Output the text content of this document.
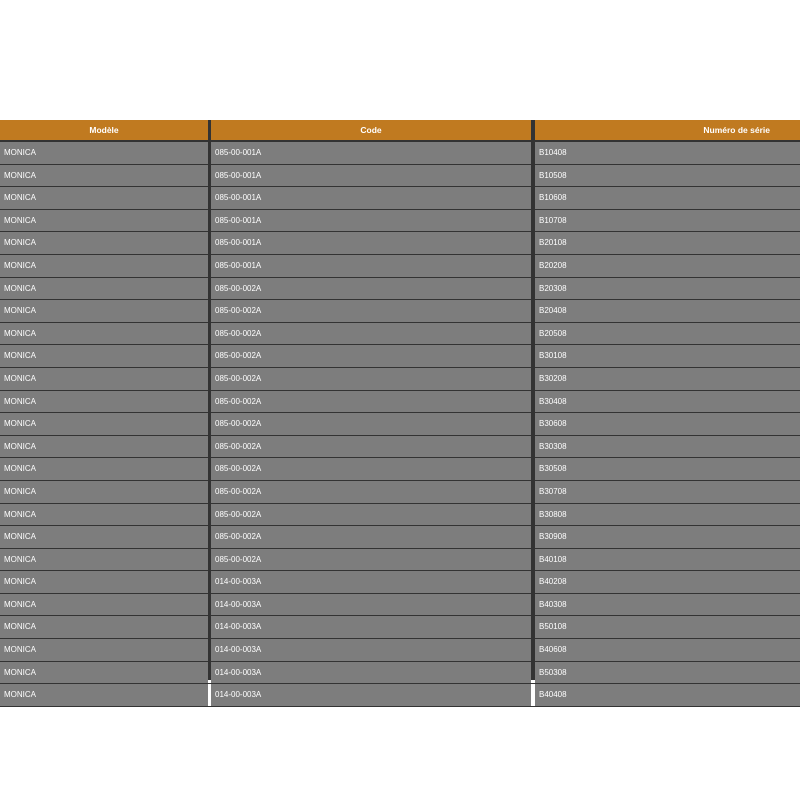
Modèle	Code	Numéro de série
MONICA	085-00-001A	B10408
MONICA	085-00-001A	B10508
MONICA	085-00-001A	B10608
MONICA	085-00-001A	B10708
MONICA	085-00-001A	B20108
MONICA	085-00-001A	B20208
MONICA	085-00-002A	B20308
MONICA	085-00-002A	B20408
MONICA	085-00-002A	B20508
MONICA	085-00-002A	B30108
MONICA	085-00-002A	B30208
MONICA	085-00-002A	B30408
MONICA	085-00-002A	B30608
MONICA	085-00-002A	B30308
MONICA	085-00-002A	B30508
MONICA	085-00-002A	B30708
MONICA	085-00-002A	B30808
MONICA	085-00-002A	B30908
MONICA	085-00-002A	B40108
MONICA	014-00-003A	B40208
MONICA	014-00-003A	B40308
MONICA	014-00-003A	B50108
MONICA	014-00-003A	B40608
MONICA	014-00-003A	B50308
MONICA	014-00-003A	B40408
